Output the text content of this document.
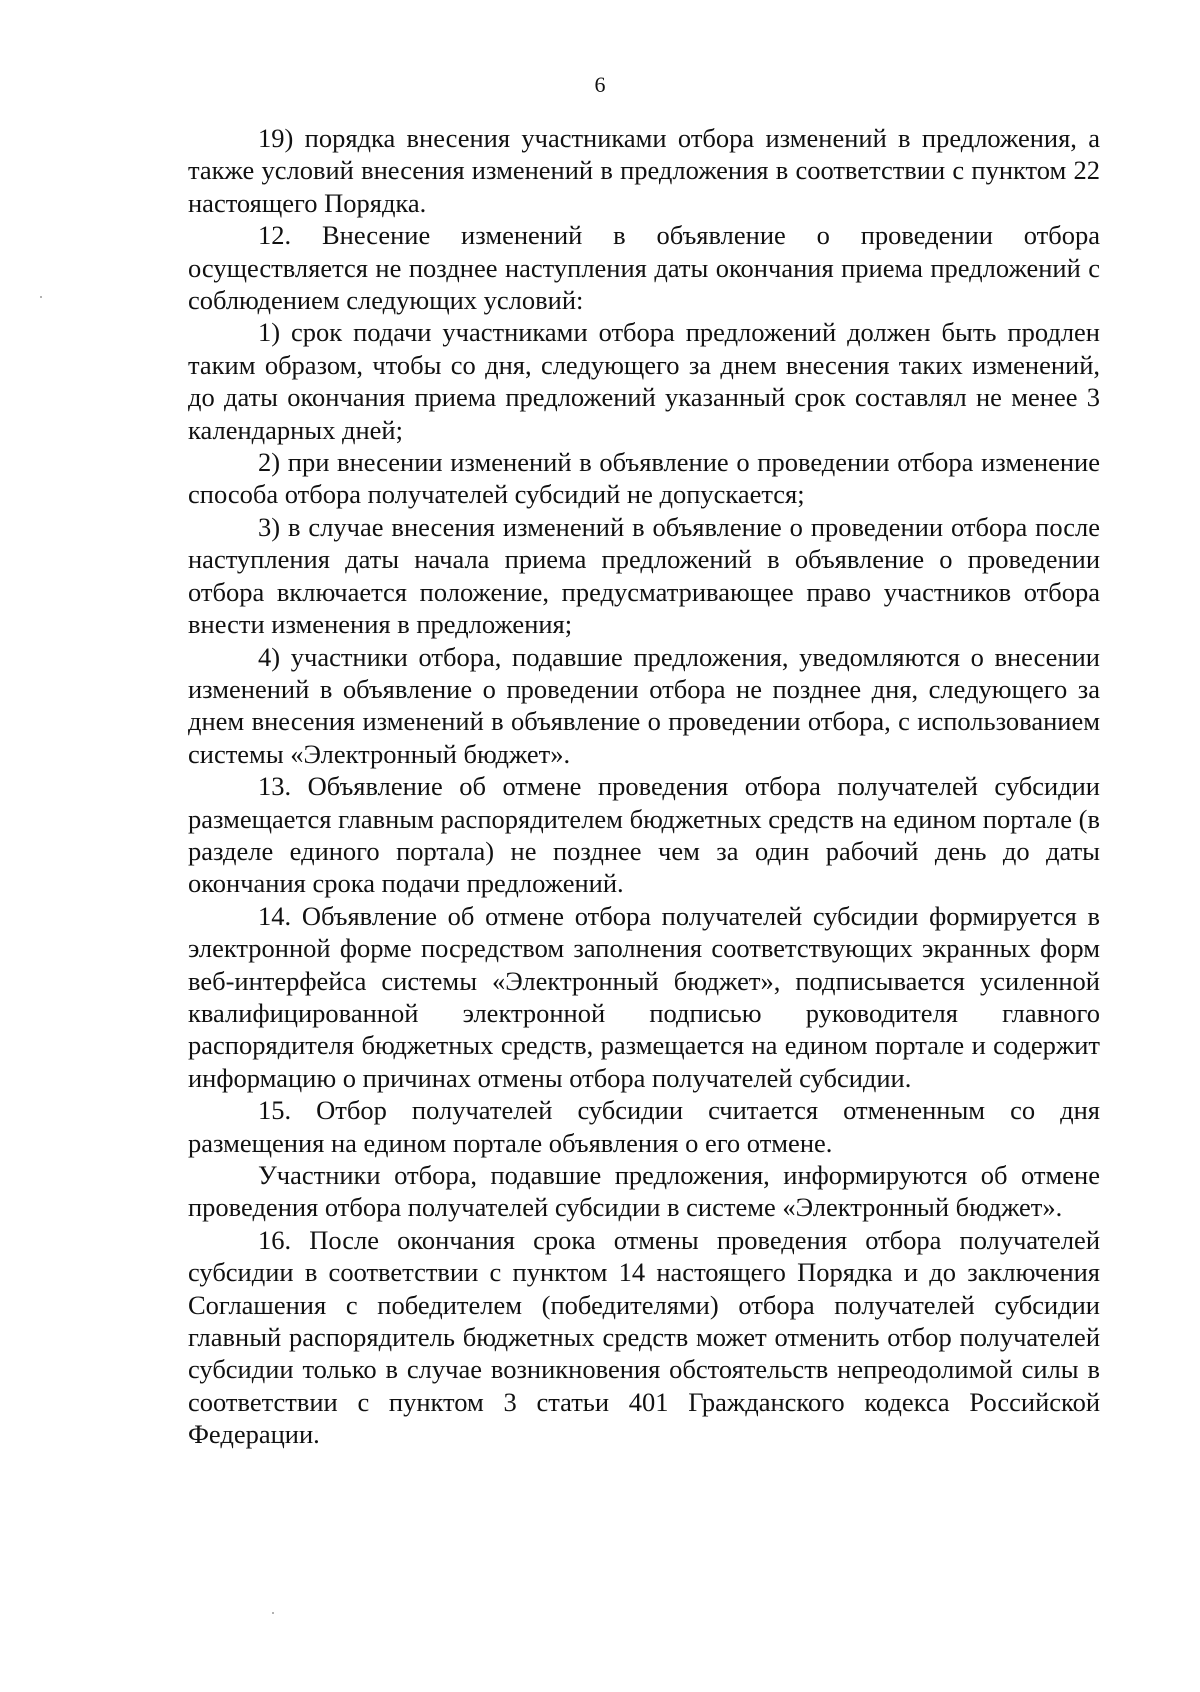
6

19) порядка внесения участниками отбора изменений в предложения, а также условий внесения изменений в предложения в соответствии с пунктом 22 настоящего Порядка.

12. Внесение изменений в объявление о проведении отбора осуществляется не позднее наступления даты окончания приема предложений с соблюдением следующих условий:

1) срок подачи участниками отбора предложений должен быть продлен таким образом, чтобы со дня, следующего за днем внесения таких изменений, до даты окончания приема предложений указанный срок составлял не менее 3 календарных дней;

2) при внесении изменений в объявление о проведении отбора изменение способа отбора получателей субсидий не допускается;

3) в случае внесения изменений в объявление о проведении отбора после наступления даты начала приема предложений в объявление о проведении отбора включается положение, предусматривающее право участников отбора внести изменения в предложения;

4) участники отбора, подавшие предложения, уведомляются о внесении изменений в объявление о проведении отбора не позднее дня, следующего за днем внесения изменений в объявление о проведении отбора, с использованием системы «Электронный бюджет».

13. Объявление об отмене проведения отбора получателей субсидии размещается главным распорядителем бюджетных средств на едином портале (в разделе единого портала) не позднее чем за один рабочий день до даты окончания срока подачи предложений.

14. Объявление об отмене отбора получателей субсидии формируется в электронной форме посредством заполнения соответствующих экранных форм веб-интерфейса системы «Электронный бюджет», подписывается усиленной квалифицированной электронной подписью руководителя главного распорядителя бюджетных средств, размещается на едином портале и содержит информацию о причинах отмены отбора получателей субсидии.

15. Отбор получателей субсидии считается отмененным со дня размещения на едином портале объявления о его отмене.

Участники отбора, подавшие предложения, информируются об отмене проведения отбора получателей субсидии в системе «Электронный бюджет».

16. После окончания срока отмены проведения отбора получателей субсидии в соответствии с пунктом 14 настоящего Порядка и до заключения Соглашения с победителем (победителями) отбора получателей субсидии главный распорядитель бюджетных средств может отменить отбор получателей субсидии только в случае возникновения обстоятельств непреодолимой силы в соответствии с пунктом 3 статьи 401 Гражданского кодекса Российской Федерации.
